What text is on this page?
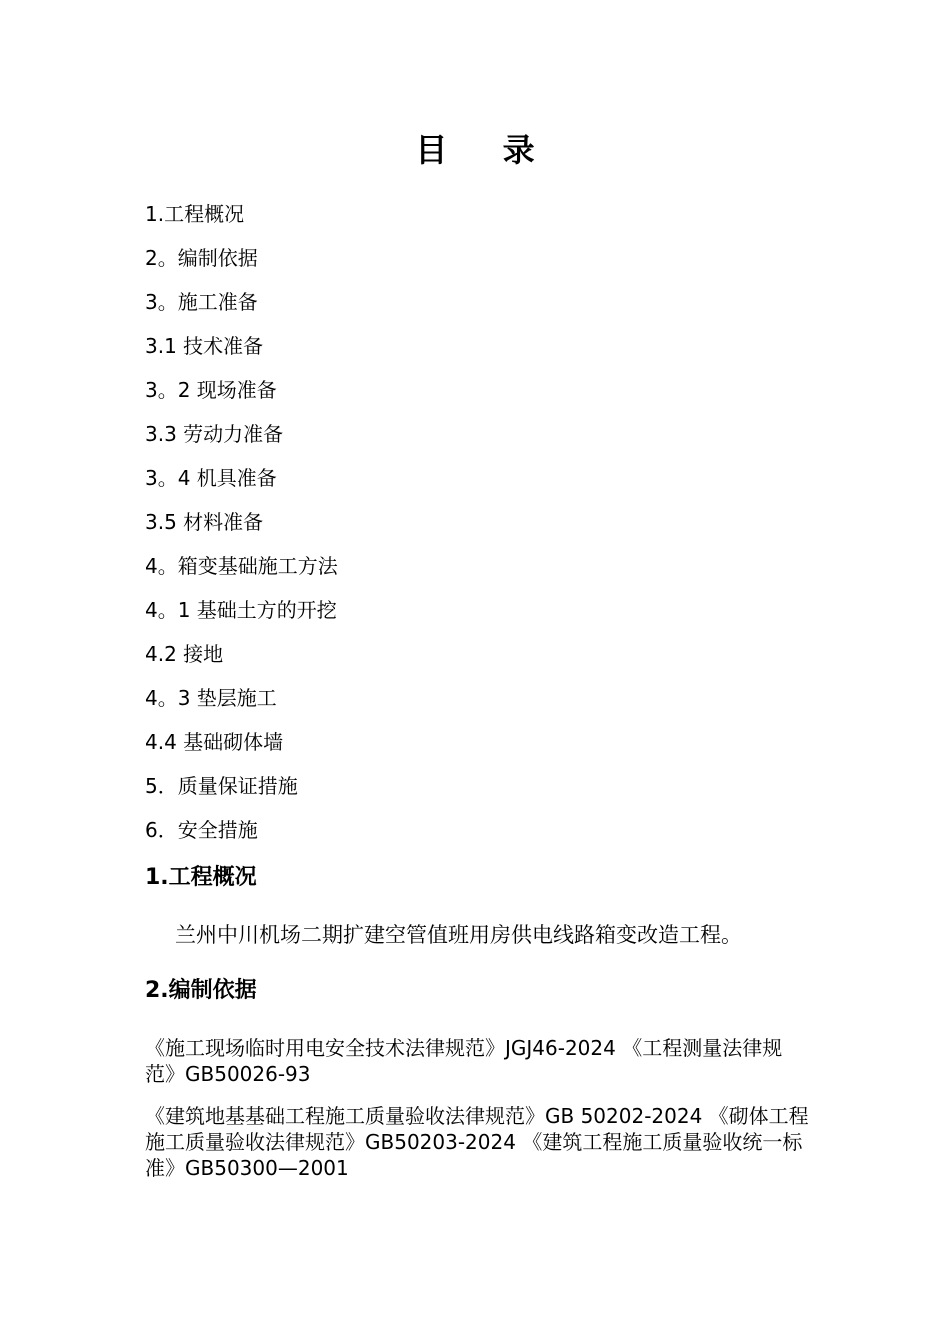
目 录
1.工程概况
2。编制依据
3。施工准备
3.1 技术准备
3。2 现场准备
3.3 劳动力准备
3。4 机具准备
3.5 材料准备
4。箱变基础施工方法
4。1 基础土方的开挖
4.2 接地
4。3 垫层施工
4.4 基础砌体墙
5．质量保证措施
6．安全措施
1.工程概况

兰州中川机场二期扩建空管值班用房供电线路箱变改造工程。

2.编制依据

《施工现场临时用电安全技术法律规范》JGJ46-2024 《工程测量法律规范》GB50026-93

《建筑地基基础工程施工质量验收法律规范》GB 50202-2024 《砌体工程施工质量验收法律规范》GB50203-2024 《建筑工程施工质量验收统一标准》GB50300—2001
